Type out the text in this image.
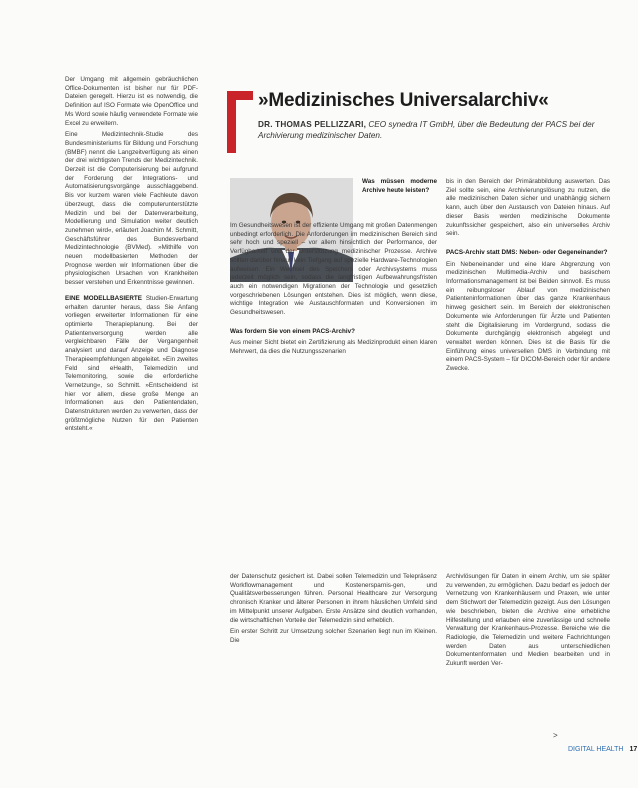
Der Umgang mit allgemein gebräuchlichen Office-Dokumenten ist bisher nur für PDF-Dateien geregelt. Hierzu ist es notwendig, die Definition auf ISO Formate wie OpenOffice und Ms Word sowie häufig verwendete Formate wie Excel zu erweitern.

Eine Medizintechnik-Studie des Bundesministeriums für Bildung und Forschung (BMBF) nennt die Langzeitverfügung als einen der drei wichtigsten Trends der Medizintechnik. Derzeit ist die Computerisierung bei aufgrund der Forderung der Integrations- und Automatisierungsvorgänge ausschlaggebend. Bis vor kurzem waren viele Fachleute davon überzeugt, dass die computerunterstützte Medizin und bei der Datenverarbeitung, Modellierung und Simulation weiter deutlich zunehmen wird«, erläutert Joachim M. Schmitt, Geschäftsführer des Bundesverband Medizintechnologie (BVMed). »Mithilfe von neuen modellbasierten Methoden der Prognose werden wir Informationen über die physiologischen Ursachen von Krankheiten besser verstehen und Erkenntnisse gewinnen.

EINE MODELLBASIERTE Studien-Erwartung erhalten darunter heraus, dass Sie Anfang vorliegen erweiterter Informationen für eine optimierte Therapieplanung. Bei der Patientenversorgung werden alle vergleichbaren Fälle der Vergangenheit analysiert und darauf Anzeige und Diagnose Therapieempfehlungen abgeleitet. »Ein zweites Feld sind eHealth, Telemedizin und Telemonitoring, sowie die erforderliche Vernetzung«, so Schmitt. »Entscheidend ist hier vor allem, diese große Menge an Informationen aus den Patientendaten, Datenstrukturen werden zu verwerten, dass der größtmögliche Nutzen für den Patienten entsteht.«

»Medizinisches Universalarchiv«
DR. THOMAS PELLIZZARI, CEO synedra IT GmbH, über die Bedeutung der PACS bei der Archivierung medizinischer Daten.

Was müssen moderne Archive heute leisten?

Im Gesundheitswesen ist der effiziente Umgang mit großen Datenmengen unbedingt erforderlich. Die Anforderungen im medizinischen Bereich sind sehr hoch und speziell – vor allem hinsichtlich der Performance, der Verfügbarkeit und der Unterstützung medizinischer Prozesse. Archive sollten darüber hinaus kein Tiefgang auf spezielle Hardware-Technologien aufweisen. Ein Wechsel des Speichers oder Archivsystems muss jederzeit möglich sein, sodass die langfristigen Aufbewahrungsfristen auch ein notwendigen Migrationen der Technologie und gesetzlich vorgeschriebenen Lösungen entstehen. Dies ist möglich, wenn diese, wichtige Integration wie Austauschformaten und Konversionen im Gesundheitswesen.

Was fordern Sie von einem PACS-Archiv?

Aus meiner Sicht bietet ein Zertifizierung als Medizinprodukt einen klaren Mehrwert, da dies die Nutzungsszenarien

bis in den Bereich der Primärabbildung auswerten. Das Ziel sollte sein, eine Archivierungslösung zu nutzen, die alle medizinischen Daten sicher und unabhängig sichern kann, auch über den Austausch von Dateien hinaus. Auf dieser Basis werden medizinische Dokumente zukunftssicher gespeichert, also ein universelles Archiv sein.

PACS-Archiv statt DMS: Neben- oder Gegeneinander?

Ein Nebeneinander und eine klare Abgrenzung von medizinischen Multimedia-Archiv und basischem Informationsmanagement ist bei Beiden sinnvoll. Es muss ein reibungsloser Ablauf von medizinischen Patienteninformationen über das ganze Krankenhaus hinweg gesichert sein. Im Bereich der elektronischen Dokumente wie Anforderungen für Ärzte und Patienten steht die Digitalisierung im Vordergrund, sodass die Dokumente durchgängig elektronisch abgelegt und verwaltet werden können. Dies ist die Basis für die Einführung eines universellen DMS in Verbindung mit einem PACS-System – für DICOM-Bereich oder für andere Zwecke.

der Datenschutz gesichert ist. Dabei sollen Telemedizin und Telepräsenz Workflowmanagement und Kostenersparnis-gen, und Qualitätsverbesserungen führen. Personal Healthcare zur Versorgung chronisch Kranker und älterer Personen in ihrem häuslichen Umfeld sind im Mittelpunkt unserer Aufgaben. Erste Ansätze sind deutlich vorhanden, die wirtschaftlichen Vorteile der Telemedizin sind erheblich.

Ein erster Schritt zur Umsetzung solcher Szenarien liegt nun im Kleinen. Die

Archivlösungen für Daten in einem Archiv, um sie später zu verwenden, zu ermöglichen. Dazu bedarf es jedoch der Vernetzung von Krankenhäusern und Praxen, wie unter dem Stichwort der Telemedizin gezeigt. Aus den Lösungen wie beschrieben, bieten die Archive eine erhebliche Hilfestellung und erlauben eine zuverlässige und schnelle Verwaltung der Krankenhaus-Prozesse. Bereiche wie die Radiologie, die Telemedizin und weitere Fachrichtungen werden Daten aus unterschiedlichen Dokumentenformaten und Medien bearbeiten und in Zukunft werden Ver-

>
DIGITAL HEALTH 17
